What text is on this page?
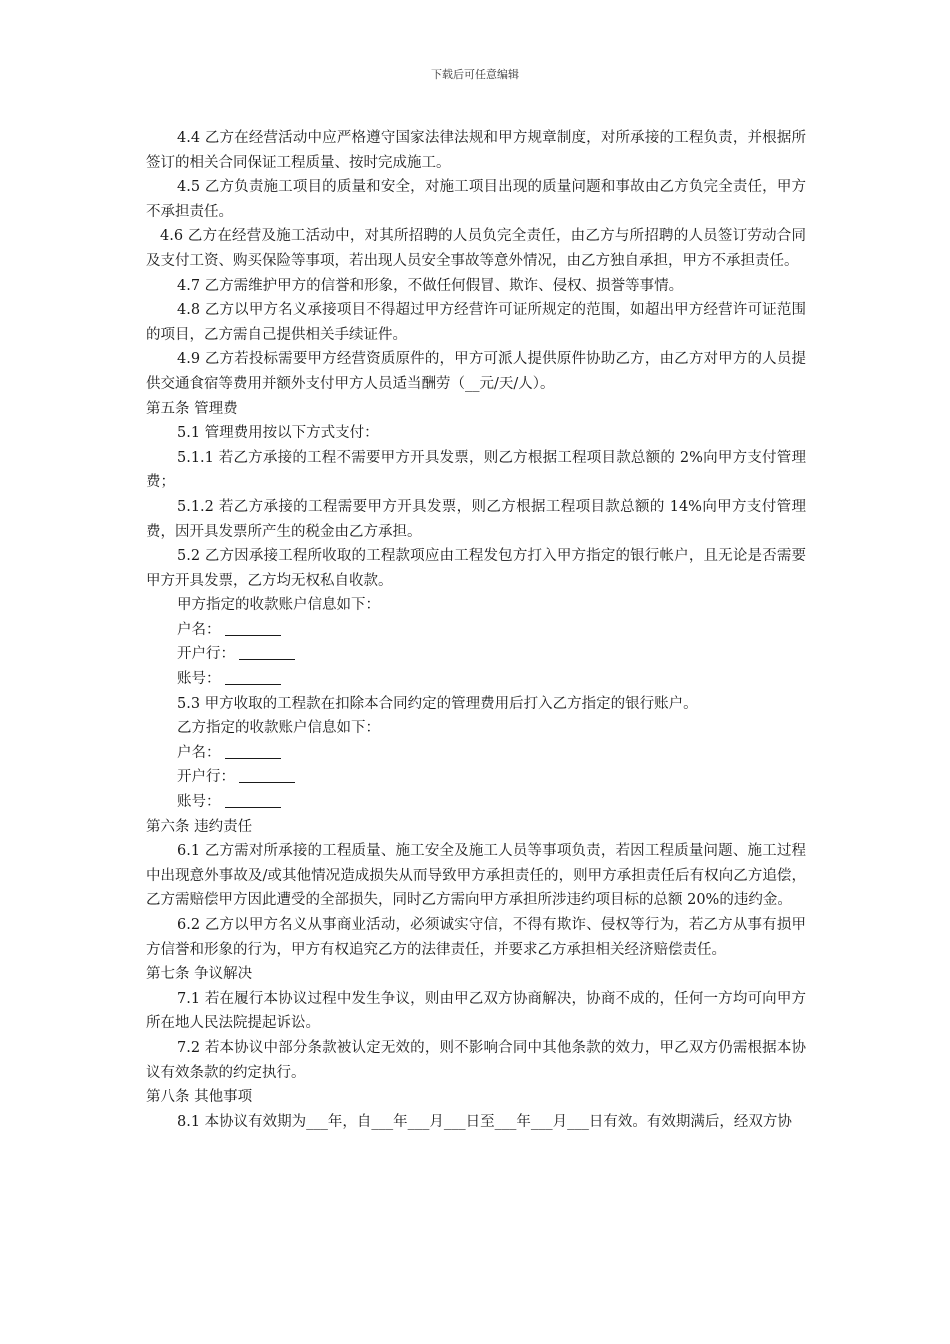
下载后可任意编辑

4.4 乙方在经营活动中应严格遵守国家法律法规和甲方规章制度，对所承接的工程负责，并根据所签订的相关合同保证工程质量、按时完成施工。

4.5 乙方负责施工项目的质量和安全，对施工项目出现的质量问题和事故由乙方负完全责任，甲方不承担责任。

4.6 乙方在经营及施工活动中，对其所招聘的人员负完全责任，由乙方与所招聘的人员签订劳动合同及支付工资、购买保险等事项，若出现人员安全事故等意外情况，由乙方独自承担，甲方不承担责任。

4.7 乙方需维护甲方的信誉和形象，不做任何假冒、欺诈、侵权、损誉等事情。

4.8 乙方以甲方名义承接项目不得超过甲方经营许可证所规定的范围，如超出甲方经营许可证范围的项目，乙方需自己提供相关手续证件。

4.9 乙方若投标需要甲方经营资质原件的，甲方可派人提供原件协助乙方，由乙方对甲方的人员提供交通食宿等费用并额外支付甲方人员适当酬劳（__元/天/人）。

第五条 管理费

5.1 管理费用按以下方式支付：

5.1.1 若乙方承接的工程不需要甲方开具发票，则乙方根据工程项目款总额的 2%向甲方支付管理费；

5.1.2 若乙方承接的工程需要甲方开具发票，则乙方根据工程项目款总额的 14%向甲方支付管理费，因开具发票所产生的税金由乙方承担。

5.2 乙方因承接工程所收取的工程款项应由工程发包方打入甲方指定的银行帐户，且无论是否需要甲方开具发票，乙方均无权私自收款。

甲方指定的收款账户信息如下：

户名：

开户行：

账号：

5.3 甲方收取的工程款在扣除本合同约定的管理费用后打入乙方指定的银行账户。

乙方指定的收款账户信息如下：

户名：

开户行：

账号：

第六条 违约责任

6.1 乙方需对所承接的工程质量、施工安全及施工人员等事项负责，若因工程质量问题、施工过程中出现意外事故及/或其他情况造成损失从而导致甲方承担责任的，则甲方承担责任后有权向乙方追偿，乙方需赔偿甲方因此遭受的全部损失，同时乙方需向甲方承担所涉违约项目标的总额 20%的违约金。

6.2 乙方以甲方名义从事商业活动，必须诚实守信，不得有欺诈、侵权等行为，若乙方从事有损甲方信誉和形象的行为，甲方有权追究乙方的法律责任，并要求乙方承担相关经济赔偿责任。

第七条 争议解决

7.1 若在履行本协议过程中发生争议，则由甲乙双方协商解决，协商不成的，任何一方均可向甲方所在地人民法院提起诉讼。

7.2 若本协议中部分条款被认定无效的，则不影响合同中其他条款的效力，甲乙双方仍需根据本协议有效条款的约定执行。

第八条 其他事项

8.1 本协议有效期为___年，自___年___月___日至___年___月___日有效。有效期满后，经双方协
